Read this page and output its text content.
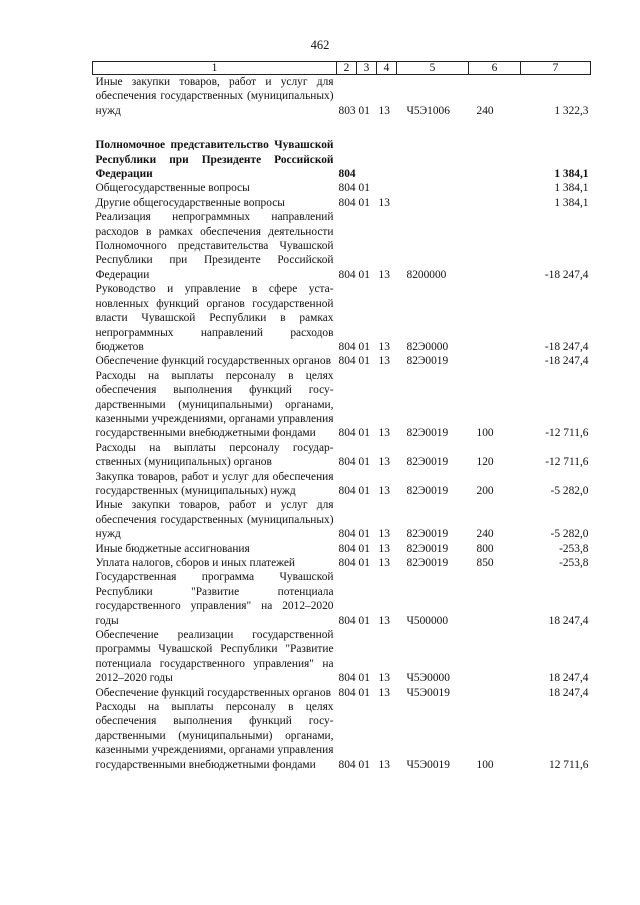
462
1	2	3	4	5	6	7
Иные закупки товаров, работ и услуг для обеспечения государственных (муниципальных) нужд	803	01	13	Ч5Э1006	240	1 322,3
Полномочное представительство Чувашской Республики при Президенте Российской Федерации	804					1 384,1
Общегосударственные вопросы	804	01				1 384,1
Другие общегосударственные вопросы	804	01	13			1 384,1
Реализация непрограммных направлений расходов в рамках обеспечения деятельности Полномочного представительства Чувашской Республики при Президенте Российской Федерации	804	01	13	8200000		-18 247,4
Руководство и управление в сфере установленных функций органов государственной власти Чувашской Республики в рамках непрограммных направлений расходов бюджетов	804	01	13	82Э0000		-18 247,4
Обеспечение функций государственных органов	804	01	13	82Э0019		-18 247,4
Расходы на выплаты персоналу в целях обеспечения выполнения функций государственными (муниципальными) органами, казенными учреждениями, органами управления государственными внебюджетными фондами	804	01	13	82Э0019	100	-12 711,6
Расходы на выплаты персоналу государственных (муниципальных) органов	804	01	13	82Э0019	120	-12 711,6
Закупка товаров, работ и услуг для обеспечения государственных (муниципальных) нужд	804	01	13	82Э0019	200	-5 282,0
Иные закупки товаров, работ и услуг для обеспечения государственных (муниципальных) нужд	804	01	13	82Э0019	240	-5 282,0
Иные бюджетные ассигнования	804	01	13	82Э0019	800	-253,8
Уплата налогов, сборов и иных платежей	804	01	13	82Э0019	850	-253,8
Государственная программа Чувашской Республики "Развитие потенциала государственного управления" на 2012–2020 годы	804	01	13	Ч500000		18 247,4
Обеспечение реализации государственной программы Чувашской Республики "Развитие потенциала государственного управления" на 2012–2020 годы	804	01	13	Ч5Э0000		18 247,4
Обеспечение функций государственных органов	804	01	13	Ч5Э0019		18 247,4
Расходы на выплаты персоналу в целях обеспечения выполнения функций государственными (муниципальными) органами, казенными учреждениями, органами управления государственными внебюджетными фондами	804	01	13	Ч5Э0019	100	12 711,6
